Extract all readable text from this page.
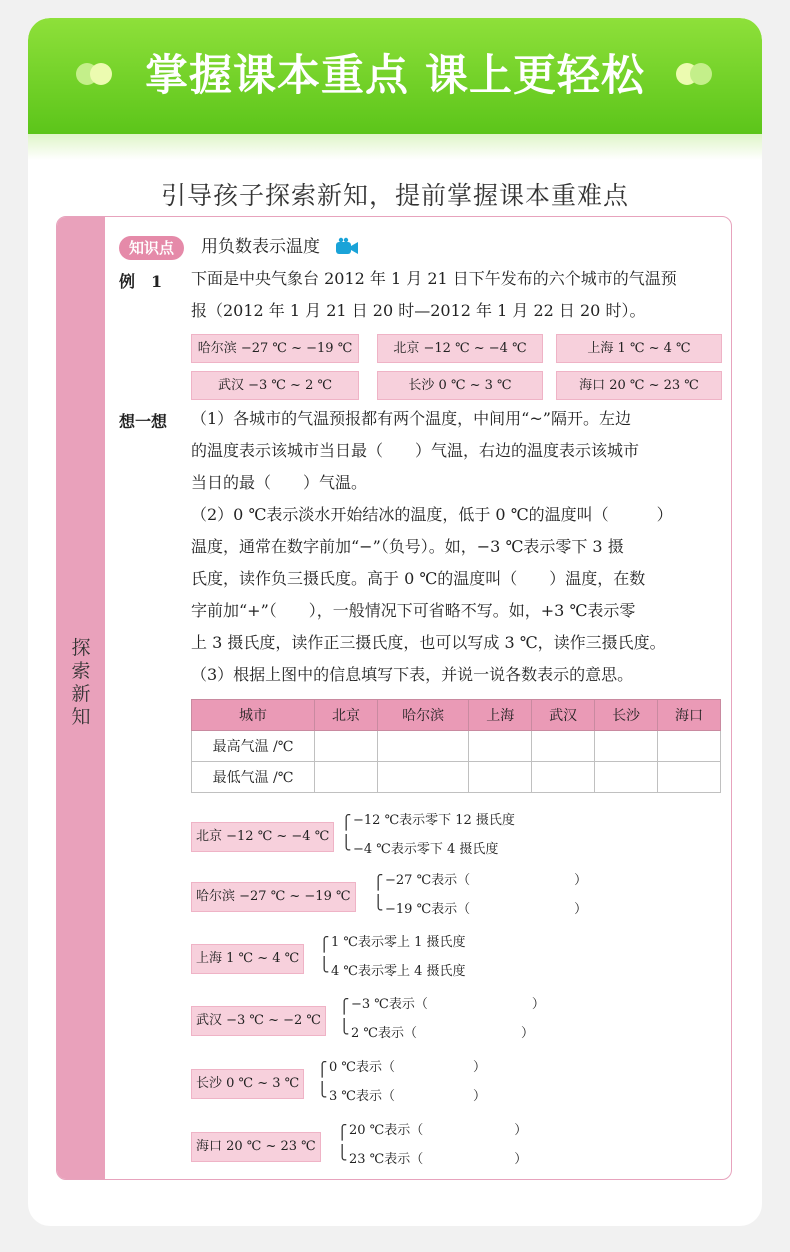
掌握课本重点 课上更轻松
引导孩子探索新知，提前掌握课本重难点
探
索
新
知
知识点	用负数表示温度
例　1 下面是中央气象台 2012 年 1 月 21 日下午发布的六个城市的气温预
报（2012 年 1 月 21 日 20 时—2012 年 1 月 22 日 20 时）。
哈尔滨 −27 ℃ ~ −19 ℃	北京 −12 ℃ ~ −4 ℃	上海 1 ℃ ~ 4 ℃
武汉 −3 ℃ ~ 2 ℃	长沙 0 ℃ ~ 3 ℃	海口 20 ℃ ~ 23 ℃
想一想 （1）各城市的气温预报都有两个温度，中间用“~”隔开。左边
的温度表示该城市当日最（　　）气温，右边的温度表示该城市
当日的最（　　）气温。
（2）0 ℃表示淡水开始结冰的温度，低于 0 ℃的温度叫（　　　）
温度，通常在数字前加“−”（负号）。如，−3 ℃表示零下 3 摄
氏度，读作负三摄氏度。高于 0 ℃的温度叫（　　）温度，在数
字前加“+”（　　），一般情况下可省略不写。如，+3 ℃表示零
上 3 摄氏度，读作正三摄氏度，也可以写成 3 ℃，读作三摄氏度。
（3）根据上图中的信息填写下表，并说一说各数表示的意思。
城市	北京	哈尔滨	上海	武汉	长沙	海口
最高气温 /℃						
最低气温 /℃						
北京 −12 ℃ ~ −4 ℃
⎧
⎩
−12 ℃表示零下 12 摄氏度
−4 ℃表示零下 4 摄氏度
哈尔滨 −27 ℃ ~ −19 ℃
⎧
⎩
−27 ℃表示（　　　　　　　　）
−19 ℃表示（　　　　　　　　）
上海 1 ℃ ~ 4 ℃
⎧
⎩
1 ℃表示零上 1 摄氏度
4 ℃表示零上 4 摄氏度
武汉 −3 ℃ ~ −2 ℃
⎧
⎩
−3 ℃表示（　　　　　　　　）
2 ℃表示（　　　　　　　　）
长沙 0 ℃ ~ 3 ℃
⎧
⎩
0 ℃表示（　　　　　　）
3 ℃表示（　　　　　　）
海口 20 ℃ ~ 23 ℃
⎧
⎩
20 ℃表示（　　　　　　　）
23 ℃表示（　　　　　　　）
